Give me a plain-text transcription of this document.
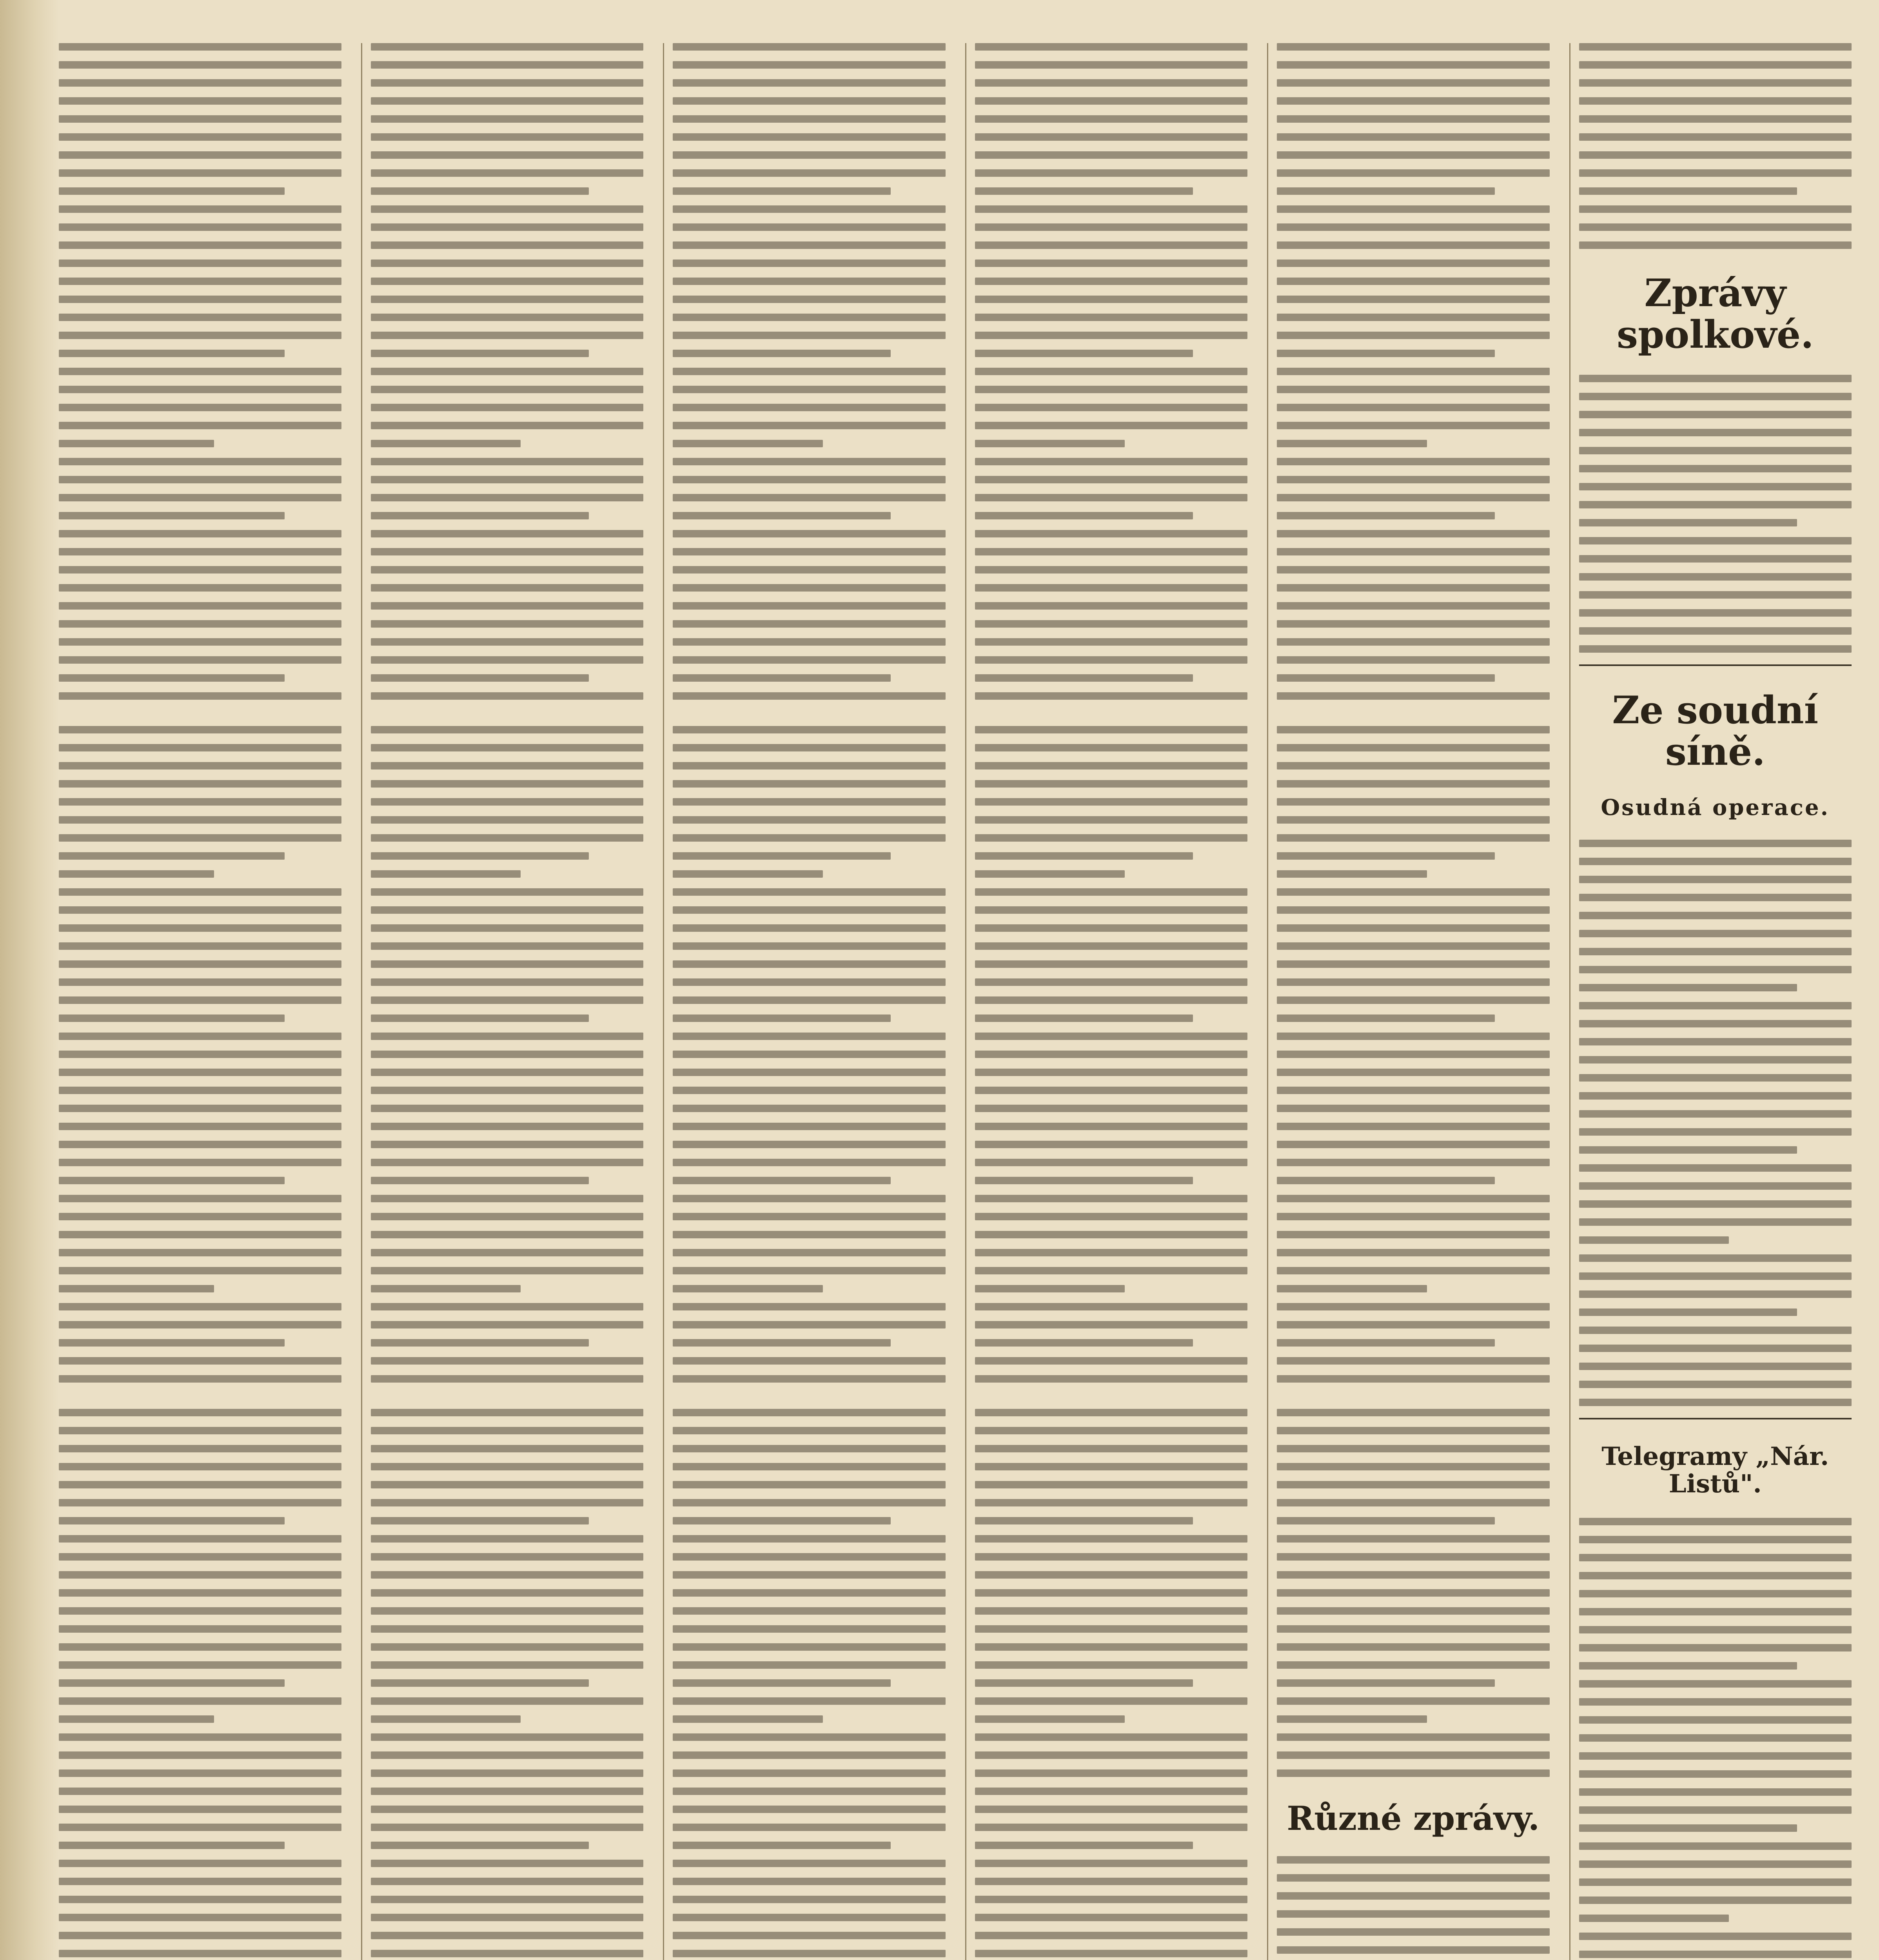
Různé zprávy.
Zprávy spolkové.
Ze soudní síně.
Osudná operace.
Telegramy „Nár. Listů".
